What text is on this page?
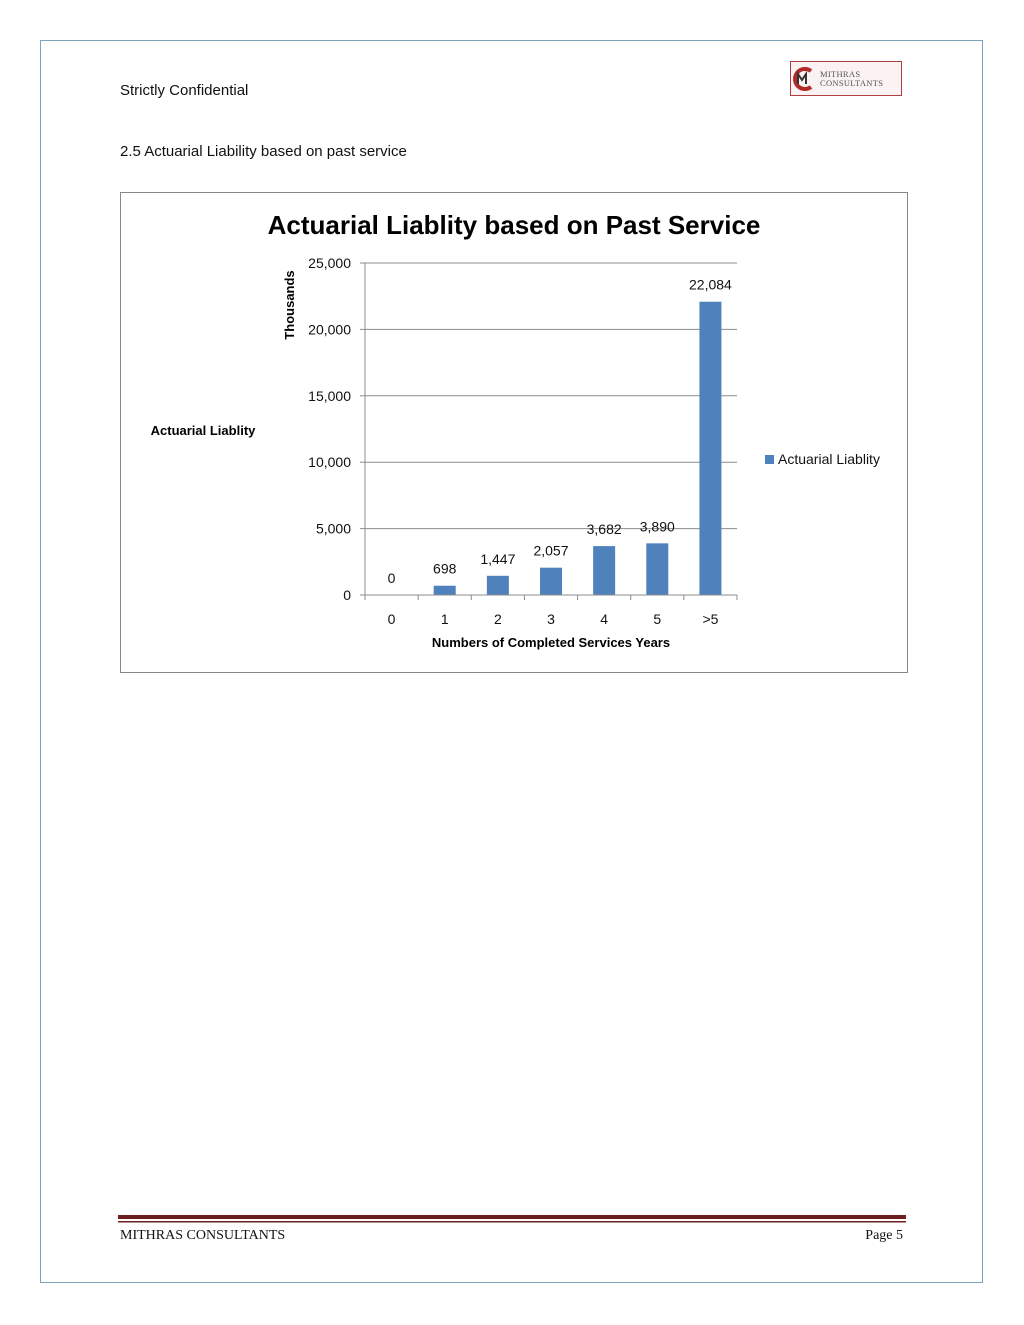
Strictly Confidential
MITHRAS
CONSULTANTS
2.5 Actuarial Liability based on past service
Actuarial Liablity based on Past Service
Actuarial Liablity
Thousands
Numbers of Completed Services Years
0
698
1,447
2,057
3,682 3,890
22,084
0
5,000
10,000
15,000
20,000
25,000
0	1	2	3	4	5	>5
Actuarial Liablity
MITHRAS CONSULTANTS	Page 5
